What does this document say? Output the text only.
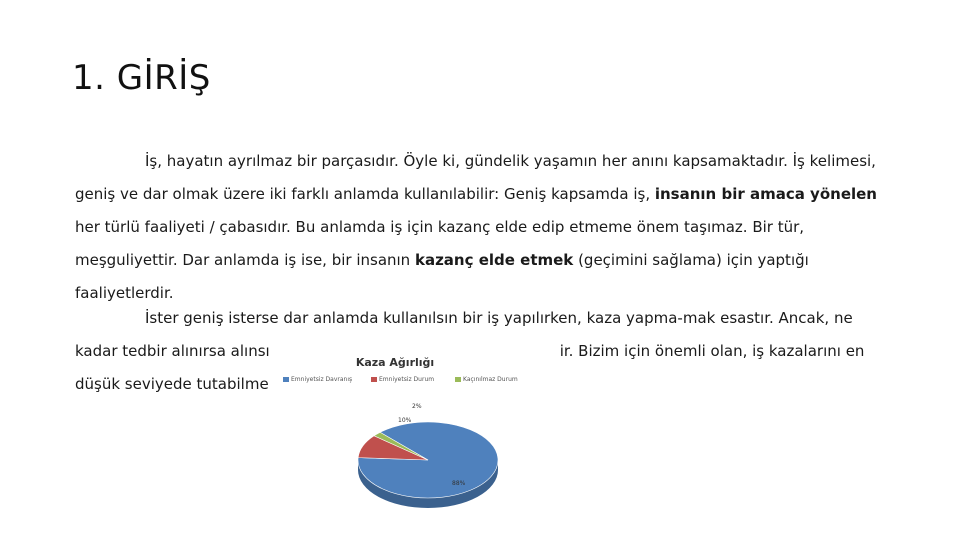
1. GİRİŞ
İş, hayatın ayrılmaz bir parçasıdır. Öyle ki, gündelik yaşamın her anını kapsamaktadır. İş kelimesi,
geniş ve dar olmak üzere iki farklı anlamda kullanılabilir: Geniş kapsamda iş, insanın bir amaca yönelen
her türlü faaliyeti / çabasıdır. Bu anlamda iş için kazanç elde edip etmeme önem taşımaz. Bir tür,
meşguliyettir. Dar anlamda iş ise, bir insanın kazanç elde etmek (geçimini sağlama) için yaptığı
faaliyetlerdir.
İster geniş isterse dar anlamda kullanılsın bir iş yapılırken, kaza yapma-mak esastır. Ancak, ne
kadar tedbir alınırsa alınsı	ir. Bizim için önemli olan, iş kazalarını en
düşük seviyede tutabilme
Kaza Ağırlığı
Emniyetsiz Davranış	Emniyetsiz Durum	Kaçınılmaz Durum
88%
10%
2%
